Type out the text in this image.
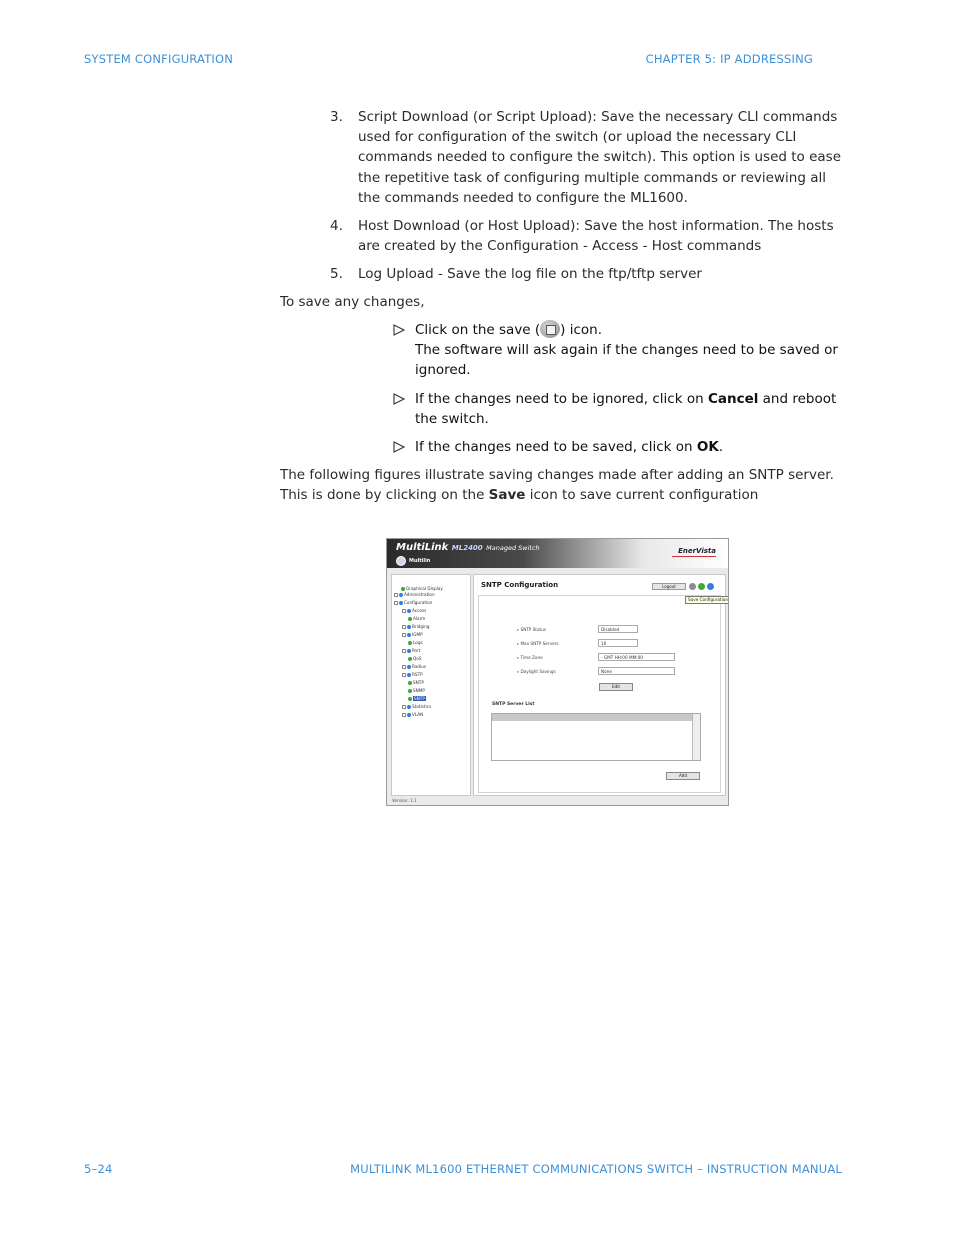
SYSTEM CONFIGURATION	CHAPTER 5: IP ADDRESSING
3. Script Download (or Script Upload): Save the necessary CLI commands used for configuration of the switch (or upload the necessary CLI commands needed to configure the switch). This option is used to ease the repetitive task of configuring multiple commands or reviewing all the commands needed to configure the ML1600.
4. Host Download (or Host Upload): Save the host information. The hosts are created by the Configuration - Access - Host commands
5. Log Upload - Save the log file on the ftp/tftp server
To save any changes,
Click on the save ( ) icon.
The software will ask again if the changes need to be saved or ignored.
If the changes need to be ignored, click on Cancel and reboot the switch.
If the changes need to be saved, click on OK.
The following figures illustrate saving changes made after adding an SNTP server. This is done by clicking on the Save icon to save current configuration
MultiLink ML2400 Managed Switch
Multilin
EnerVista
Graphical Display
Administration
Configuration
Access
Alarm
Bridging
IGMP
Logs
Port
QoS
Radius
RSTP
SNTP
SNMP
SNTP
Statistics
VLAN
SNTP Configuration	Logout
Save Configuration
▸ SNTP Status	Disabled
▸ Max SNTP Servers	10
▸ Time Zone	- GMT HH:00 MM:00
▸ Daylight Savings	None
Edit
SNTP Server List
Add
Version: 1.1
5–24	MULTILINK ML1600 ETHERNET COMMUNICATIONS SWITCH – INSTRUCTION MANUAL
